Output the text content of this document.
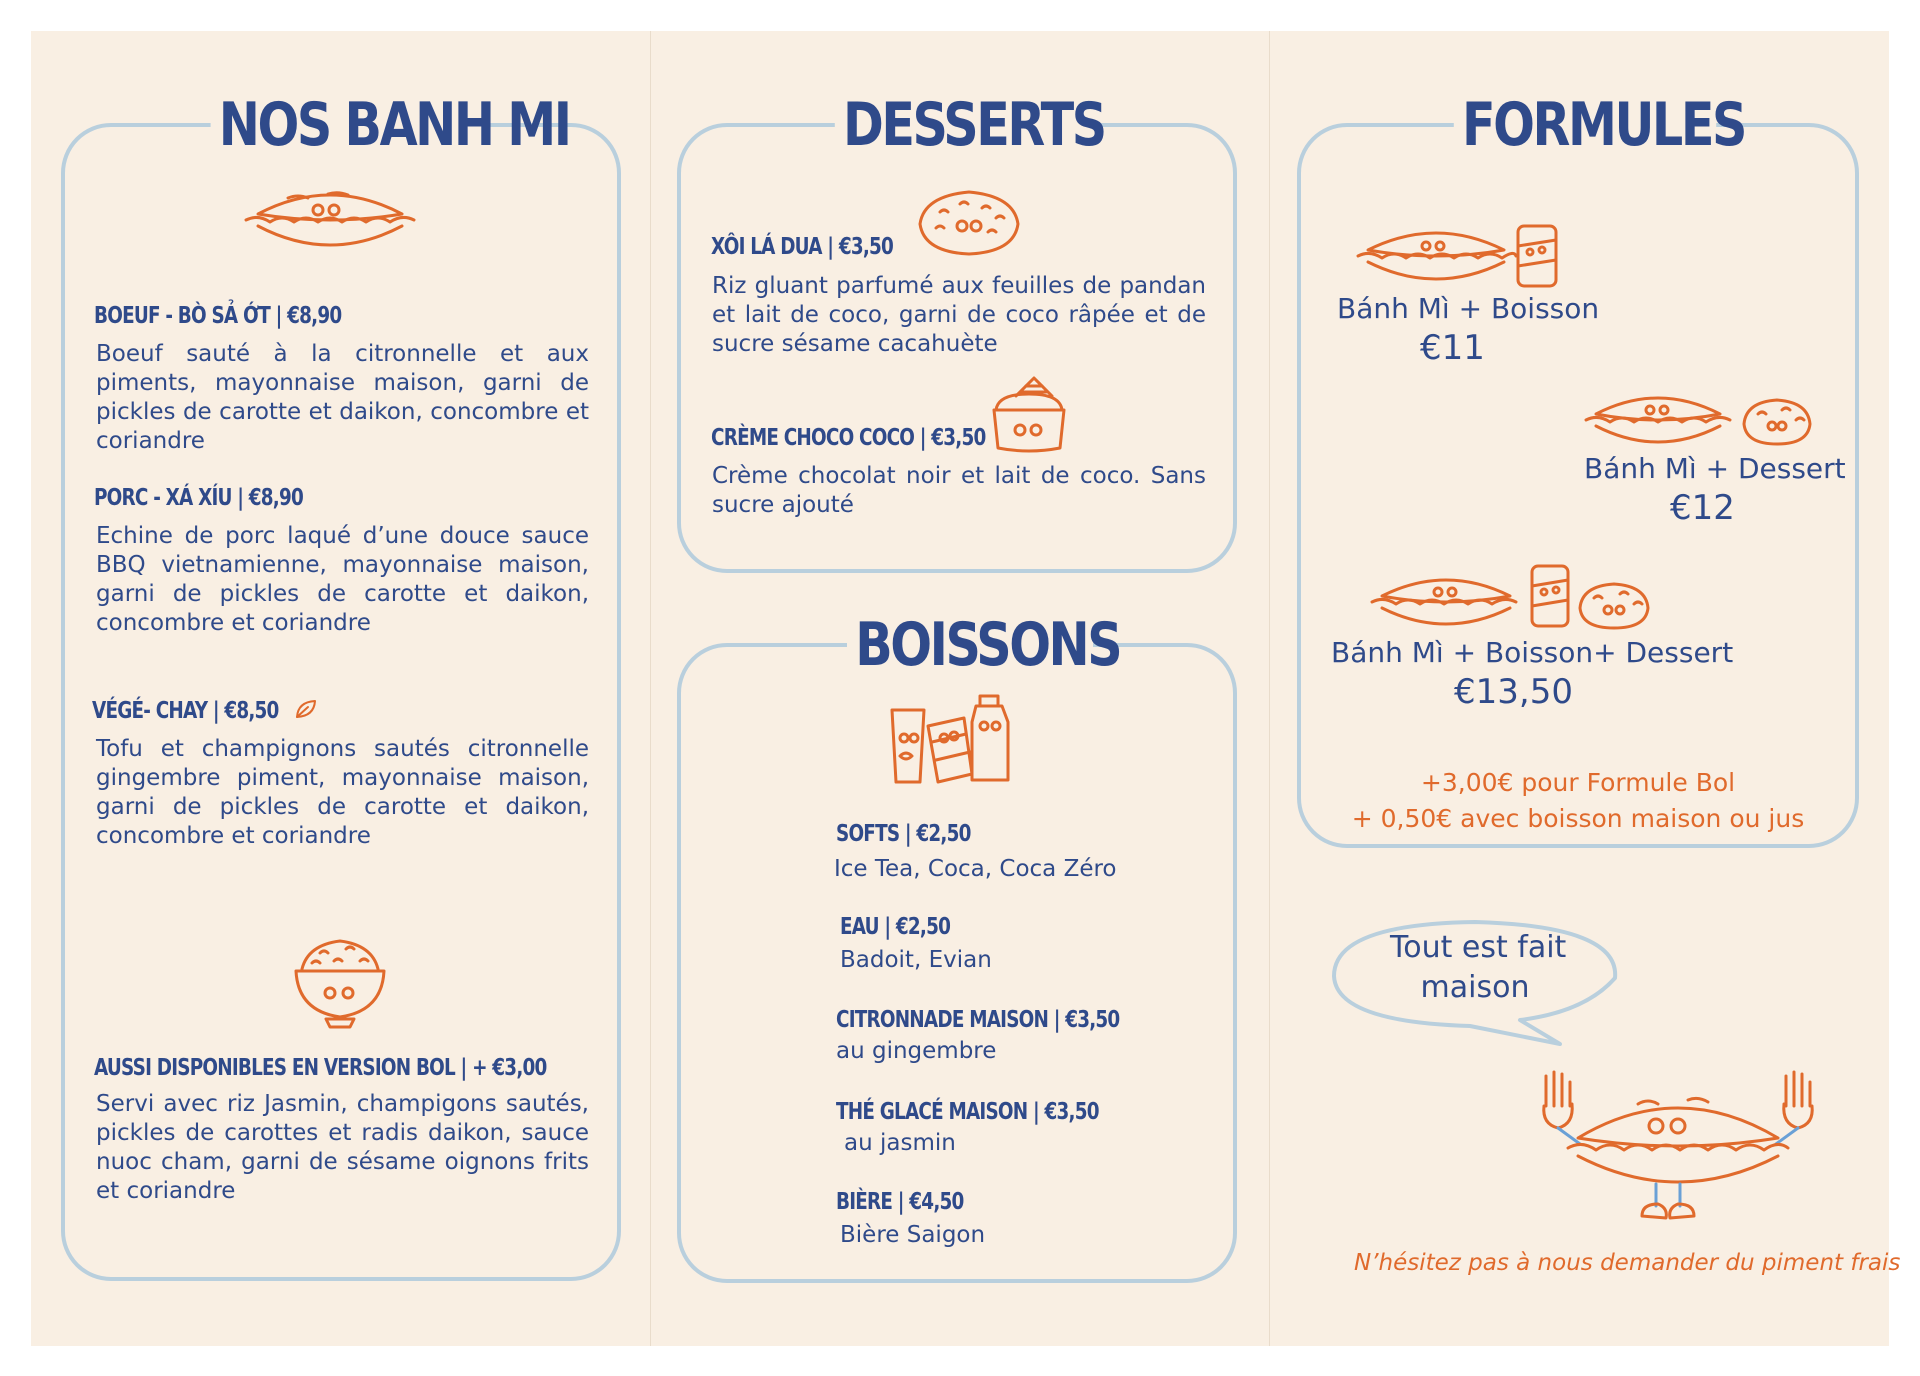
NOS BANH MI
BOEUF - BÒ SẢ ỚT | €8,90
Boeuf sauté à la citronnelle et aux piments, mayonnaise maison, garni de pickles de carotte et daikon, concombre et coriandre
PORC - XÁ XÍU | €8,90
Echine de porc laqué d’une douce sauce BBQ vietnamienne, mayonnaise maison, garni de pickles de carotte et daikon, concombre et coriandre
VÉGÉ- CHAY | €8,50
Tofu et champignons sautés citronnelle gingembre piment, mayonnaise maison, garni de pickles de carotte et daikon, concombre et coriandre
AUSSI DISPONIBLES EN VERSION BOL | + €3,00
Servi avec riz Jasmin, champigons sautés, pickles de carottes et radis daikon, sauce nuoc cham, garni de sésame oignons frits et coriandre
DESSERTS
XÔI LÁ DUA | €3,50
Riz gluant parfumé aux feuilles de pandan et lait de coco, garni de coco râpée et de sucre sésame cacahuète
CRÈME CHOCO COCO | €3,50
Crème chocolat noir et lait de coco. Sans sucre ajouté
BOISSONS
SOFTS | €2,50
Ice Tea, Coca, Coca Zéro
EAU | €2,50
Badoit, Evian
CITRONNADE MAISON | €3,50
au gingembre
THÉ GLACÉ MAISON | €3,50
au jasmin
BIÈRE | €4,50
Bière Saigon
FORMULES
Bánh Mì + Boisson
€11
Bánh Mì + Dessert
€12
Bánh Mì + Boisson+ Dessert
€13,50
+3,00€ pour Formule Bol
+ 0,50€ avec boisson maison ou jus
Tout est fait
maison
N’hésitez pas à nous demander du piment frais
